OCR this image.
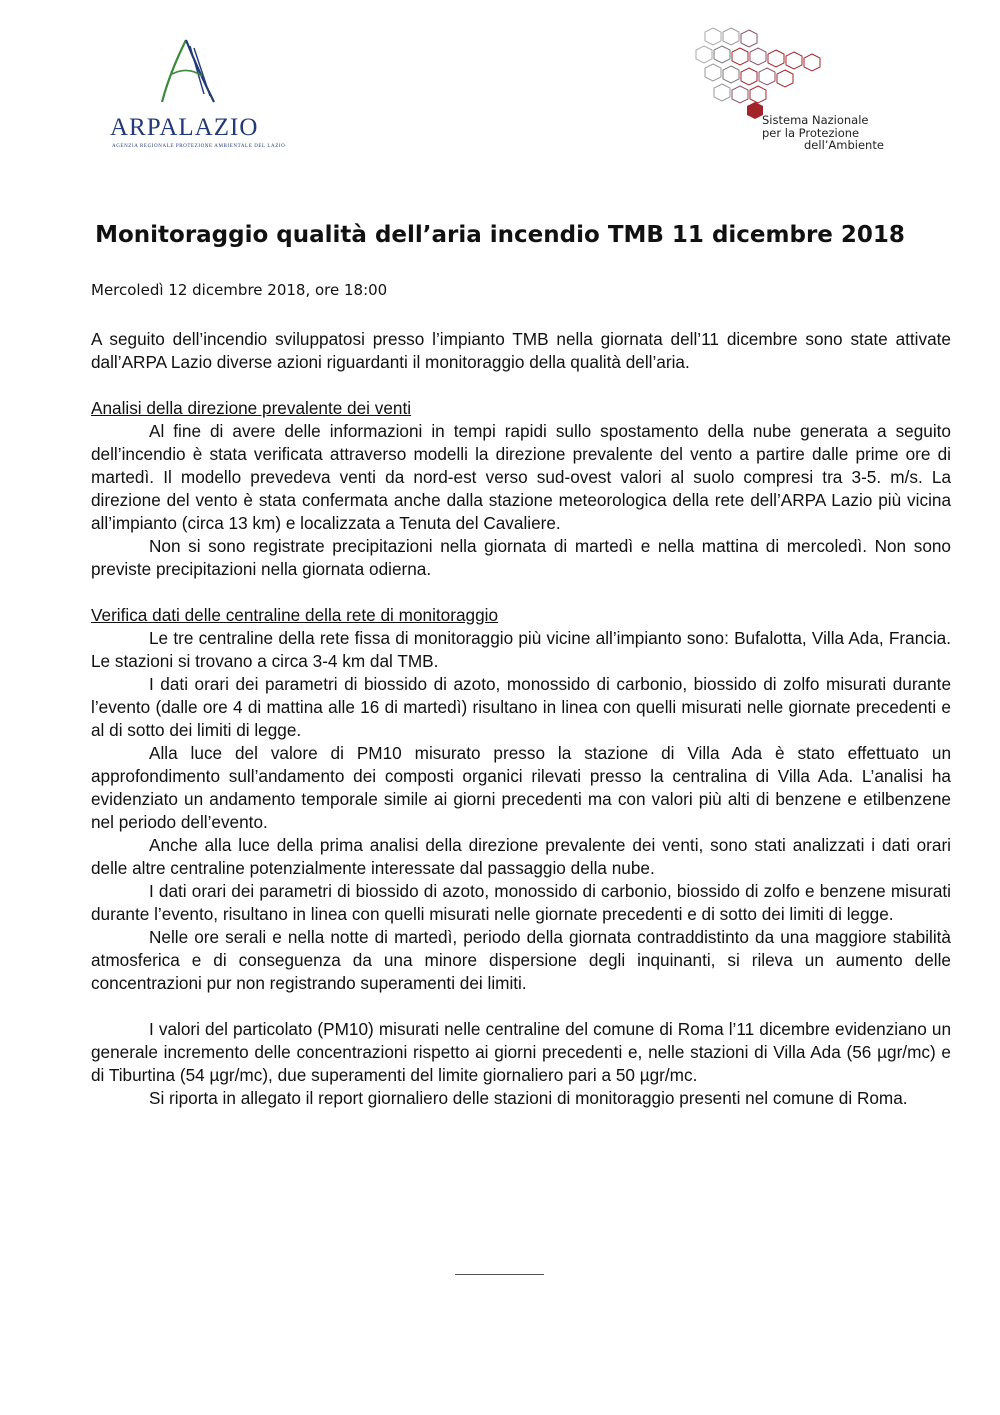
ARPALAZIO
AGENZIA REGIONALE PROTEZIONE AMBIENTALE DEL LAZIO
Sistema Nazionale
per la Protezione
dell’Ambiente
Monitoraggio qualità dell’aria incendio TMB 11 dicembre 2018
Mercoledì 12 dicembre 2018, ore 18:00

A seguito dell’incendio sviluppatosi presso l’impianto TMB nella giornata dell’11 dicembre sono state attivate dall’ARPA Lazio diverse azioni riguardanti il monitoraggio della qualità dell’aria.

Analisi della direzione prevalente dei venti

Al fine di avere delle informazioni in tempi rapidi sullo spostamento della nube generata a seguito dell’incendio è stata verificata attraverso modelli la direzione prevalente del vento a partire dalle prime ore di martedì. Il modello prevedeva venti da nord-est verso sud-ovest valori al suolo compresi tra 3-5. m/s. La direzione del vento è stata confermata anche dalla stazione meteorologica della rete dell’ARPA Lazio più vicina all’impianto (circa 13 km) e localizzata a Tenuta del Cavaliere.

Non si sono registrate precipitazioni nella giornata di martedì e nella mattina di mercoledì. Non sono previste precipitazioni nella giornata odierna.

Verifica dati delle centraline della rete di monitoraggio

Le tre centraline della rete fissa di monitoraggio più vicine all’impianto sono: Bufalotta, Villa Ada, Francia. Le stazioni si trovano a circa 3-4 km dal TMB.

I dati orari dei parametri di biossido di azoto, monossido di carbonio, biossido di zolfo misurati durante l’evento (dalle ore 4 di mattina alle 16 di martedì) risultano in linea con quelli misurati nelle giornate precedenti e al di sotto dei limiti di legge.

Alla luce del valore di PM10 misurato presso la stazione di Villa Ada è stato effettuato un approfondimento sull’andamento dei composti organici rilevati presso la centralina di Villa Ada. L’analisi ha evidenziato un andamento temporale simile ai giorni precedenti ma con valori più alti di benzene e etilbenzene nel periodo dell’evento.

Anche alla luce della prima analisi della direzione prevalente dei venti, sono stati analizzati i dati orari delle altre centraline potenzialmente interessate dal passaggio della nube.

I dati orari dei parametri di biossido di azoto, monossido di carbonio, biossido di zolfo e benzene misurati durante l’evento, risultano in linea con quelli misurati nelle giornate precedenti e di sotto dei limiti di legge.

Nelle ore serali e nella notte di martedì, periodo della giornata contraddistinto da una maggiore stabilità atmosferica e di conseguenza da una minore dispersione degli inquinanti, si rileva un aumento delle concentrazioni pur non registrando superamenti dei limiti.

I valori del particolato (PM10) misurati nelle centraline del comune di Roma l’11 dicembre evidenziano un generale incremento delle concentrazioni rispetto ai giorni precedenti e, nelle stazioni di Villa Ada (56 µgr/mc) e di Tiburtina (54 µgr/mc), due superamenti del limite giornaliero pari a 50 µgr/mc.

Si riporta in allegato il report giornaliero delle stazioni di monitoraggio presenti nel comune di Roma.
